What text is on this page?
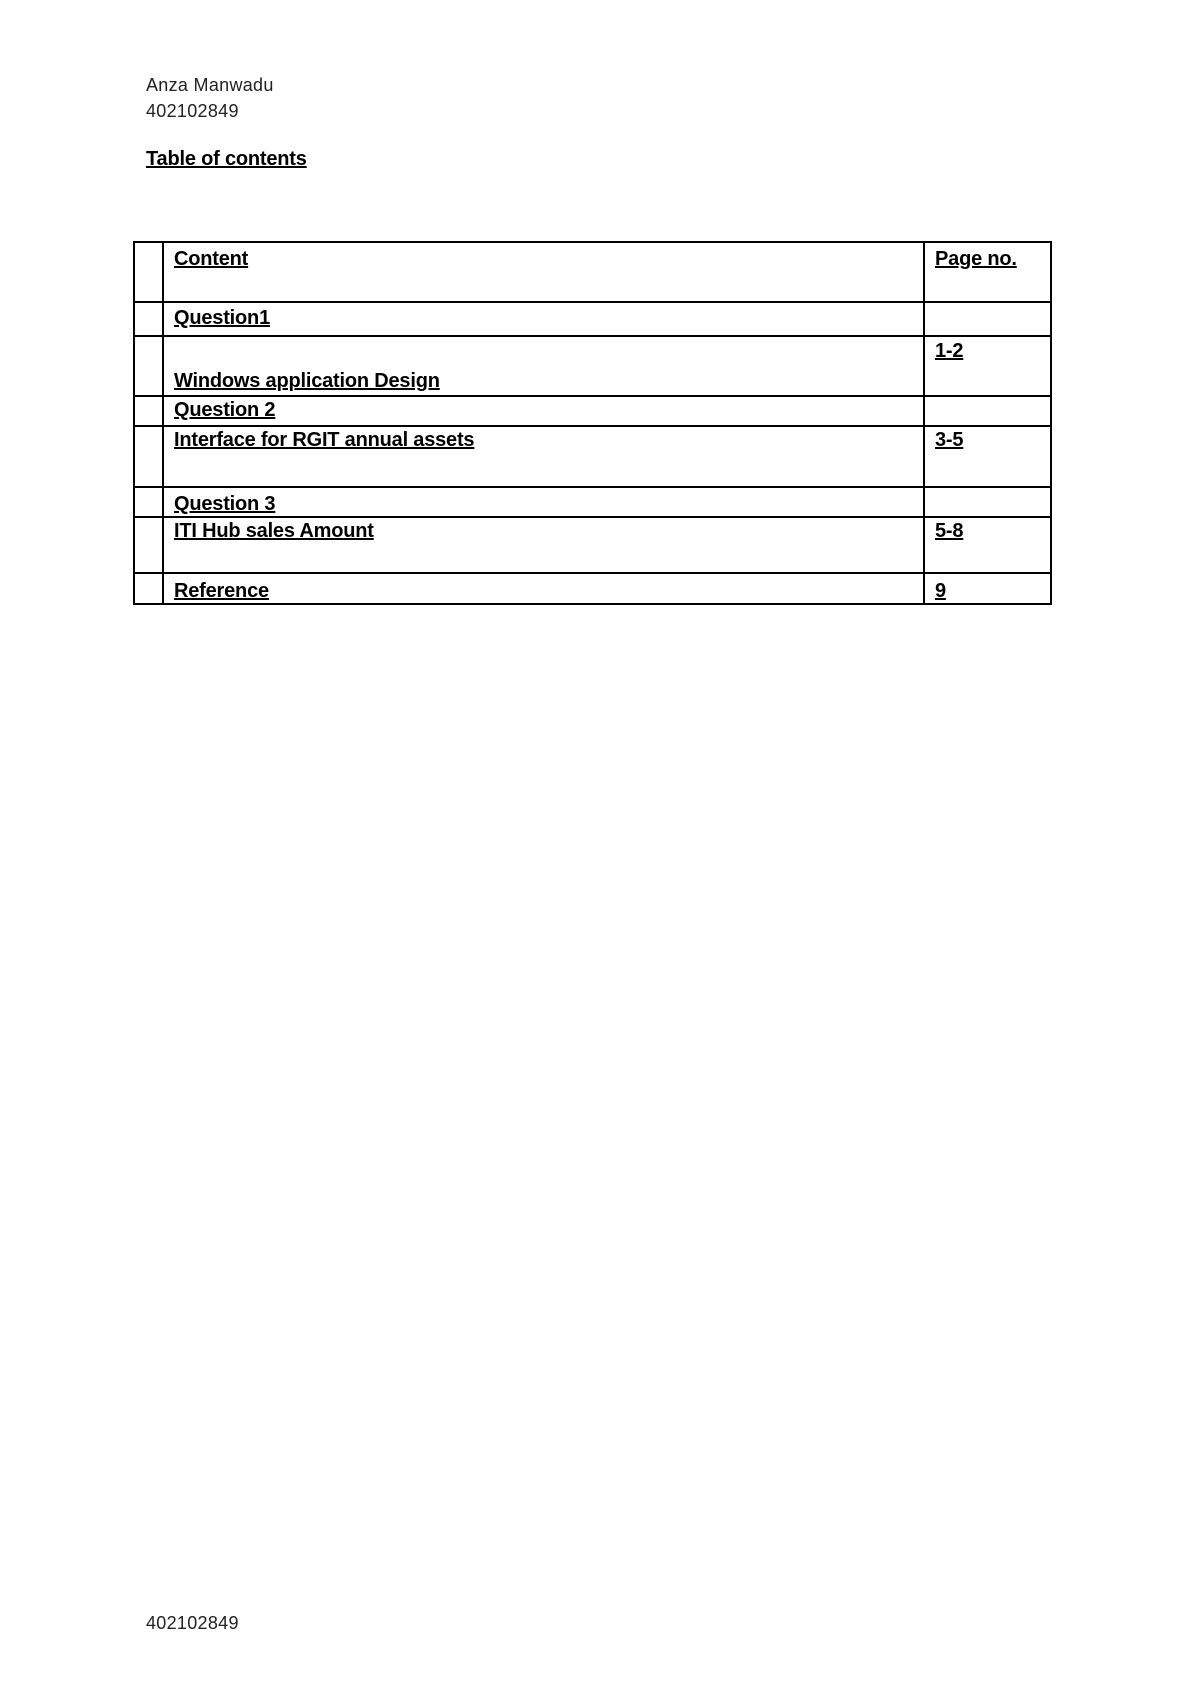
Anza Manwadu
402102849
Table of contents

	Content	Page no.

	Question1	

	Windows application Design	1-2

	Question 2	

	Interface for RGIT annual assets	3-5

	Question 3	

	ITI Hub sales Amount	5-8

	Reference	9
402102849
